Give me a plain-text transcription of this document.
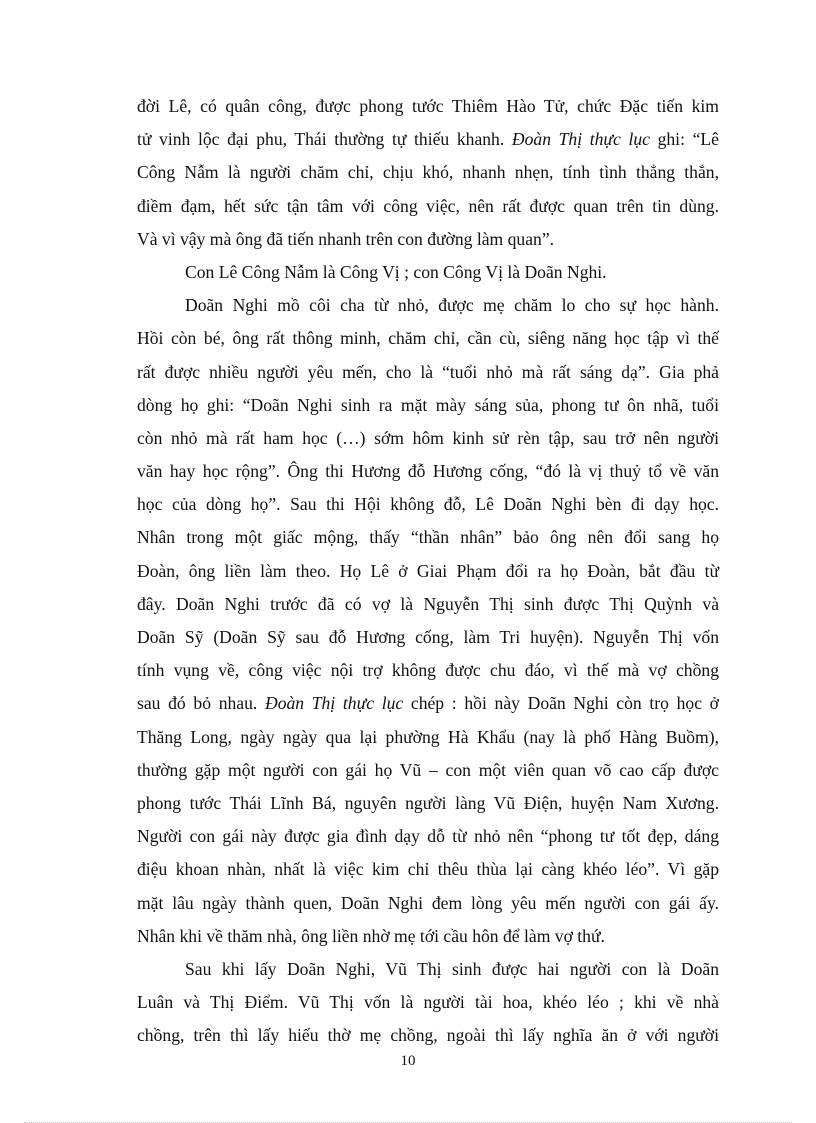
đời Lê, có quân công, được phong tước Thiêm Hào Tử, chức Đặc tiến kim
tử vinh lộc đại phu, Thái thường tự thiếu khanh. Đoàn Thị thực lục ghi: “Lê
Công Nẫm là người chăm chỉ, chịu khó, nhanh nhẹn, tính tình thẳng thắn,
điềm đạm, hết sức tận tâm với công việc, nên rất được quan trên tin dùng.
Và vì vậy mà ông đã tiến nhanh trên con đường làm quan”.
Con Lê Công Nẫm là Công Vị ; con Công Vị là Doãn Nghi.
Doãn Nghi mồ côi cha từ nhỏ, được mẹ chăm lo cho sự học hành.
Hồi còn bé, ông rất thông minh, chăm chỉ, cần cù, siêng năng học tập vì thế
rất được nhiều người yêu mến, cho là “tuổi nhỏ mà rất sáng dạ”. Gia phả
dòng họ ghi: “Doãn Nghi sinh ra mặt mày sáng sủa, phong tư ôn nhã, tuổi
còn nhỏ mà rất ham học (…) sớm hôm kinh sử rèn tập, sau trở nên người
văn hay học rộng”. Ông thi Hương đỗ Hương cống, “đó là vị thuỷ tổ về văn
học của dòng họ”. Sau thi Hội không đỗ, Lê Doãn Nghi bèn đi dạy học.
Nhân trong một giấc mộng, thấy “thần nhân” bảo ông nên đổi sang họ
Đoàn, ông liền làm theo. Họ Lê ở Giai Phạm đổi ra họ Đoàn, bắt đầu từ
đây. Doãn Nghi trước đã có vợ là Nguyễn Thị sinh được Thị Quỳnh và
Doãn Sỹ (Doãn Sỹ sau đỗ Hương cống, làm Tri huyện). Nguyễn Thị vốn
tính vụng về, công việc nội trợ không được chu đáo, vì thế mà vợ chồng
sau đó bỏ nhau. Đoàn Thị thực lục chép : hồi này Doãn Nghi còn trọ học ở
Thăng Long, ngày ngày qua lại phường Hà Khẩu (nay là phố Hàng Buồm),
thường gặp một người con gái họ Vũ – con một viên quan võ cao cấp được
phong tước Thái Lĩnh Bá, nguyên người làng Vũ Điện, huyện Nam Xương.
Người con gái này được gia đình dạy dỗ từ nhỏ nên “phong tư tốt đẹp, dáng
điệu khoan nhàn, nhất là việc kim chỉ thêu thùa lại càng khéo léo”. Vì gặp
mặt lâu ngày thành quen, Doãn Nghi đem lòng yêu mến người con gái ấy.
Nhân khi về thăm nhà, ông liền nhờ mẹ tới cầu hôn để làm vợ thứ.
Sau khi lấy Doãn Nghi, Vũ Thị sinh được hai người con là Doãn
Luân và Thị Điểm. Vũ Thị vốn là người tài hoa, khéo léo ; khi về nhà
chồng, trên thì lấy hiếu thờ mẹ chồng, ngoài thì lấy nghĩa ăn ở với người
10
